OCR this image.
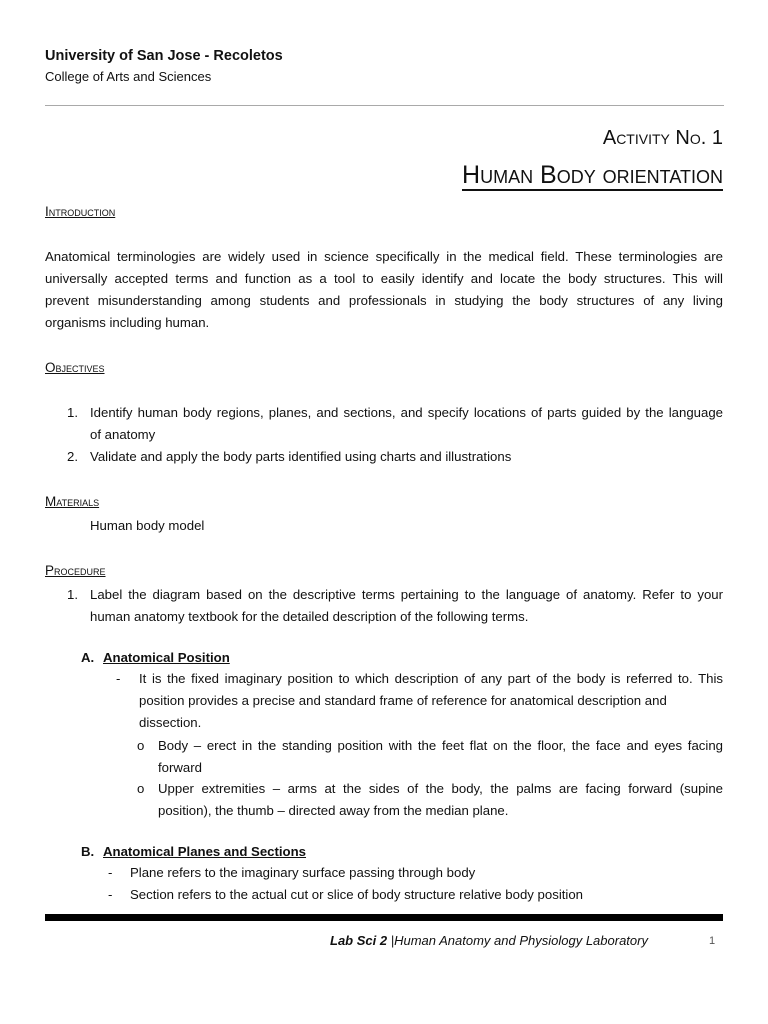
University of San Jose - Recoletos
College of Arts and Sciences
Activity No. 1
Human Body orientation
Introduction
Anatomical terminologies are widely used in science specifically in the medical field. These terminologies are
universally accepted terms and function as a tool to easily identify and locate the body structures. This will
prevent misunderstanding among students and professionals in studying the body structures of any living
organisms including human.
Objectives
1. Identify human body regions, planes, and sections, and specify locations of parts guided by the language
of anatomy
2. Validate and apply the body parts identified using charts and illustrations
Materials
Human body model
Procedure
1. Label the diagram based on the descriptive terms pertaining to the language of anatomy. Refer to your
human anatomy textbook for the detailed description of the following terms.
A. Anatomical Position
- It is the fixed imaginary position to which description of any part of the body is referred to. This
position provides a precise and standard frame of reference for anatomical description and
dissection.
o Body – erect in the standing position with the feet flat on the floor, the face and eyes facing
forward
o Upper extremities – arms at the sides of the body, the palms are facing forward (supine
position), the thumb – directed away from the median plane.
B. Anatomical Planes and Sections
- Plane refers to the imaginary surface passing through body
- Section refers to the actual cut or slice of body structure relative body position
Lab Sci 2 |Human Anatomy and Physiology Laboratory	1
